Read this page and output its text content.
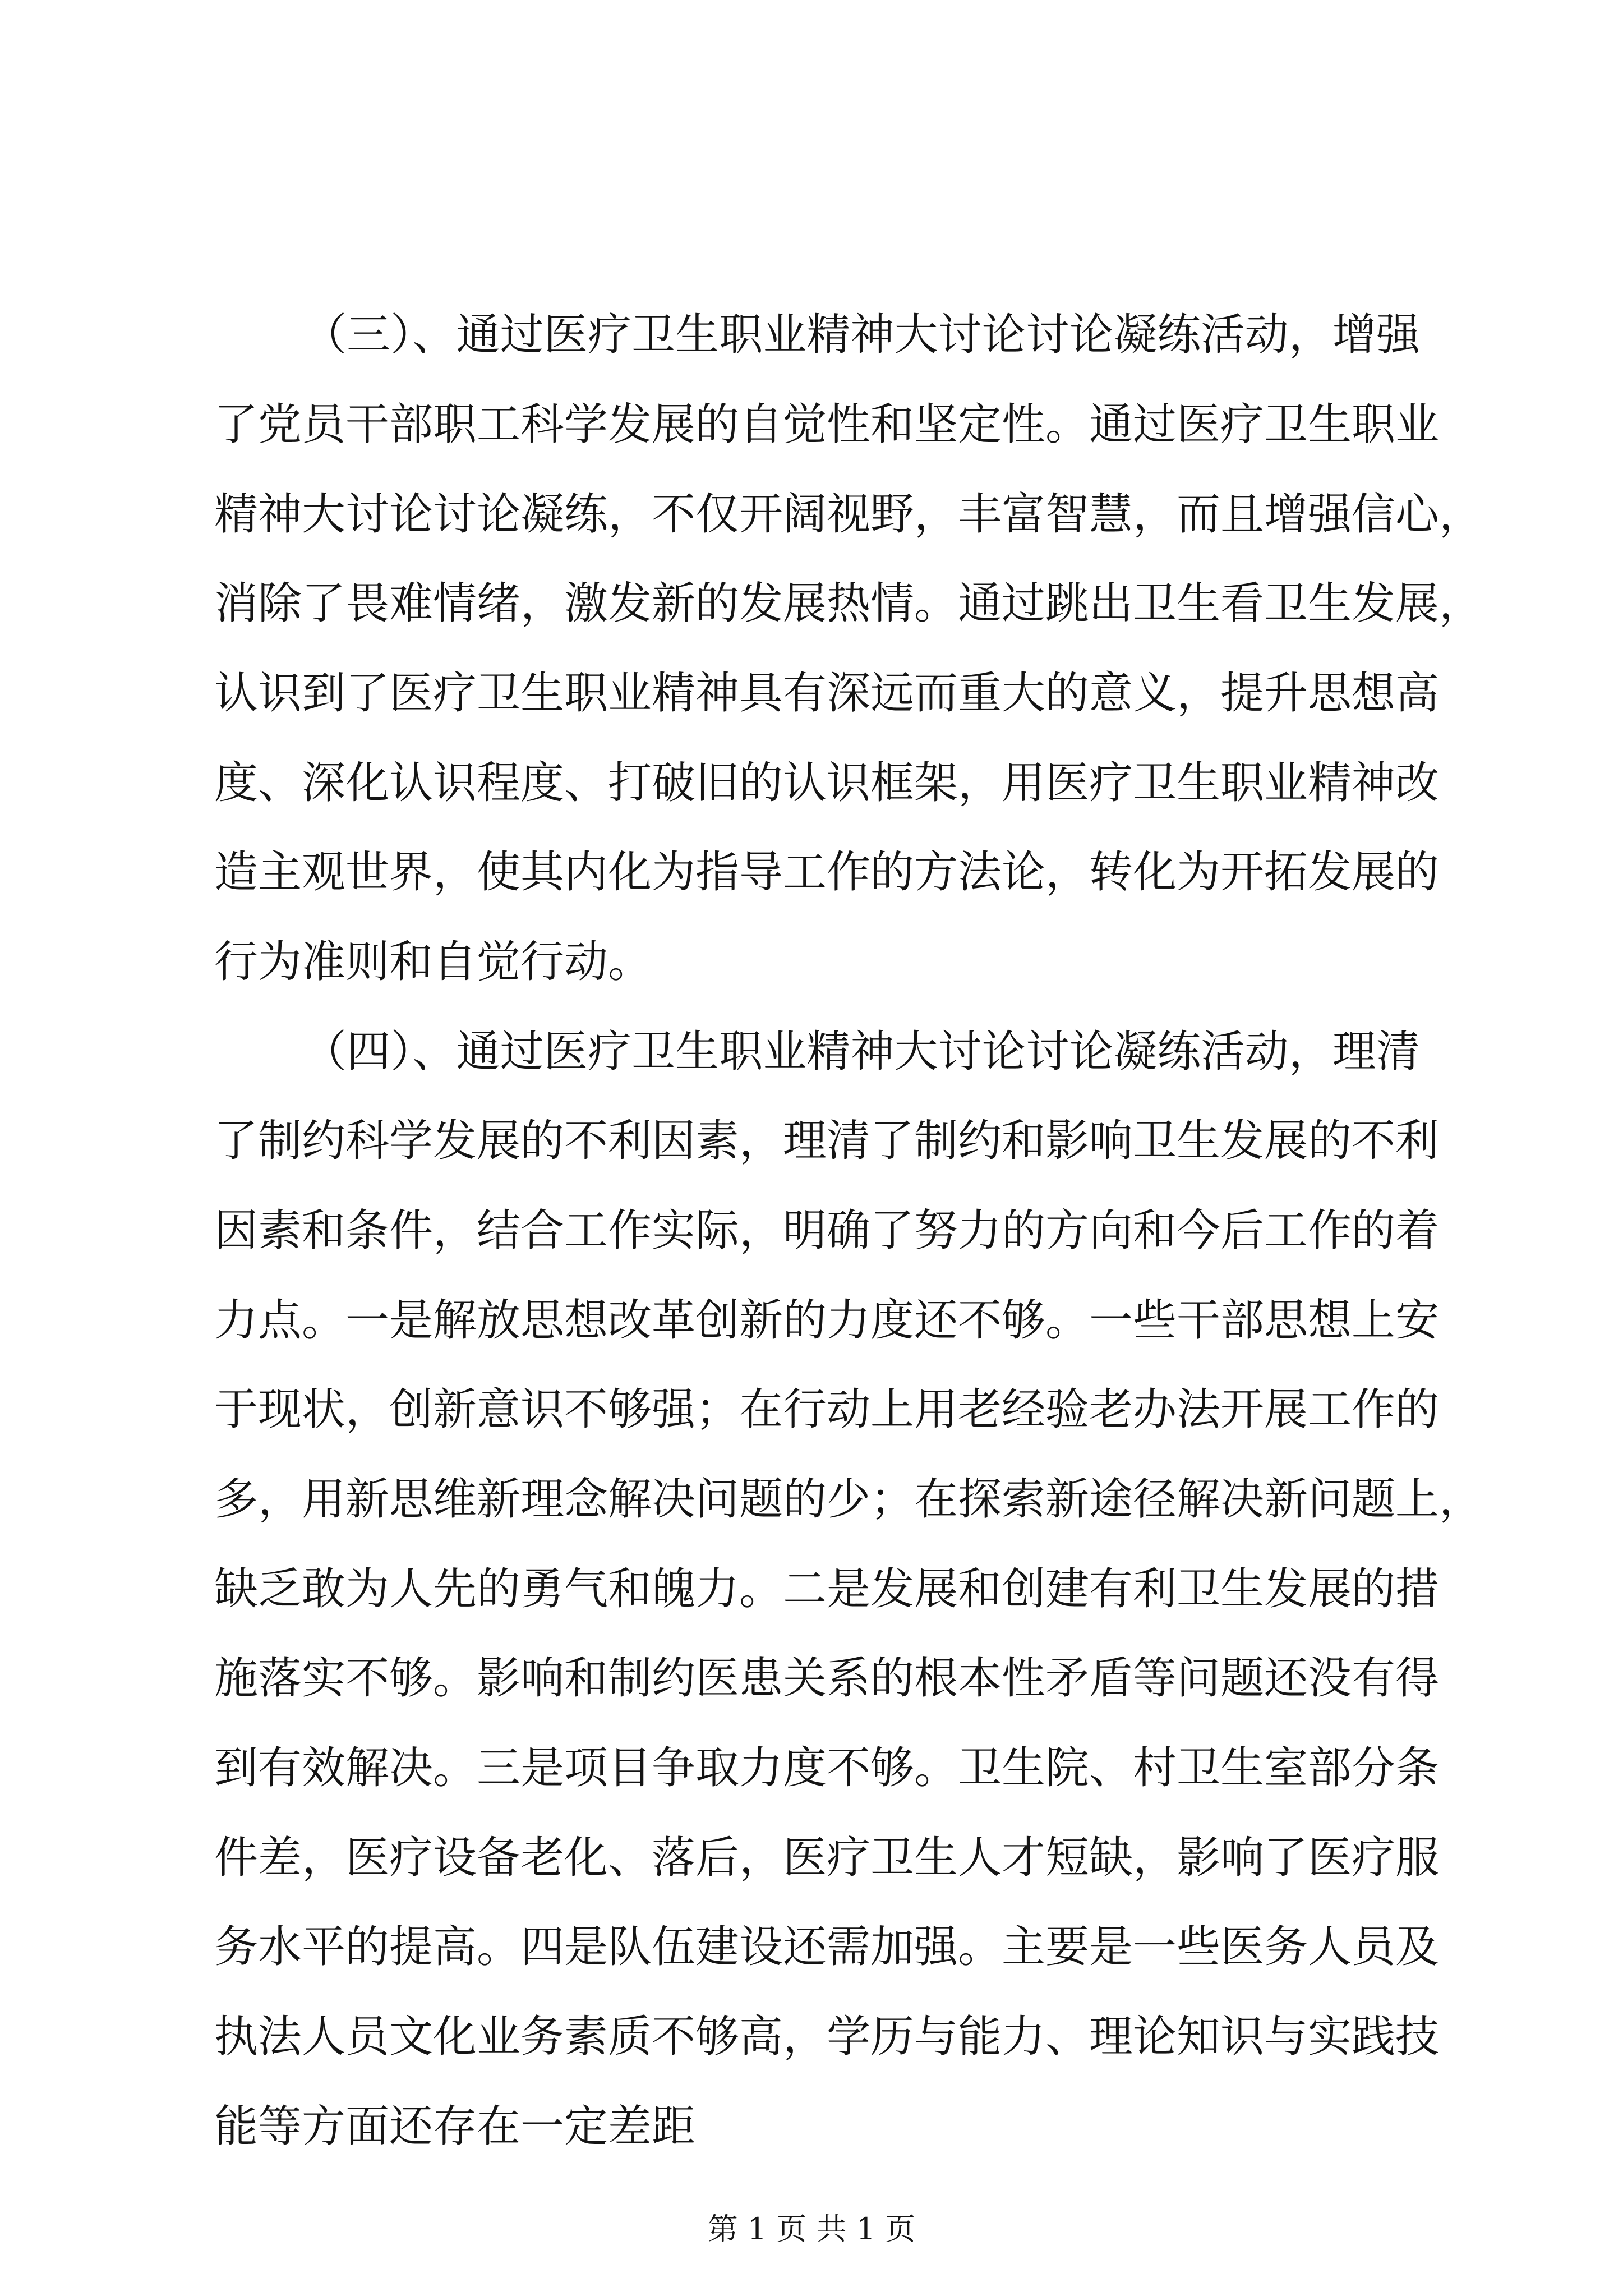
（三）、通过医疗卫生职业精神大讨论讨论凝练活动，增强
了党员干部职工科学发展的自觉性和坚定性。通过医疗卫生职业
精神大讨论讨论凝练，不仅开阔视野，丰富智慧，而且增强信心，
消除了畏难情绪，激发新的发展热情。通过跳出卫生看卫生发展，
认识到了医疗卫生职业精神具有深远而重大的意义，提升思想高
度、深化认识程度、打破旧的认识框架，用医疗卫生职业精神改
造主观世界，使其内化为指导工作的方法论，转化为开拓发展的
行为准则和自觉行动。
（四）、通过医疗卫生职业精神大讨论讨论凝练活动，理清
了制约科学发展的不利因素，理清了制约和影响卫生发展的不利
因素和条件，结合工作实际，明确了努力的方向和今后工作的着
力点。一是解放思想改革创新的力度还不够。一些干部思想上安
于现状，创新意识不够强；在行动上用老经验老办法开展工作的
多，用新思维新理念解决问题的少；在探索新途径解决新问题上，
缺乏敢为人先的勇气和魄力。二是发展和创建有利卫生发展的措
施落实不够。影响和制约医患关系的根本性矛盾等问题还没有得
到有效解决。三是项目争取力度不够。卫生院、村卫生室部分条
件差，医疗设备老化、落后，医疗卫生人才短缺，影响了医疗服
务水平的提高。四是队伍建设还需加强。主要是一些医务人员及
执法人员文化业务素质不够高，学历与能力、理论知识与实践技
能等方面还存在一定差距
第 1 页 共 1 页
